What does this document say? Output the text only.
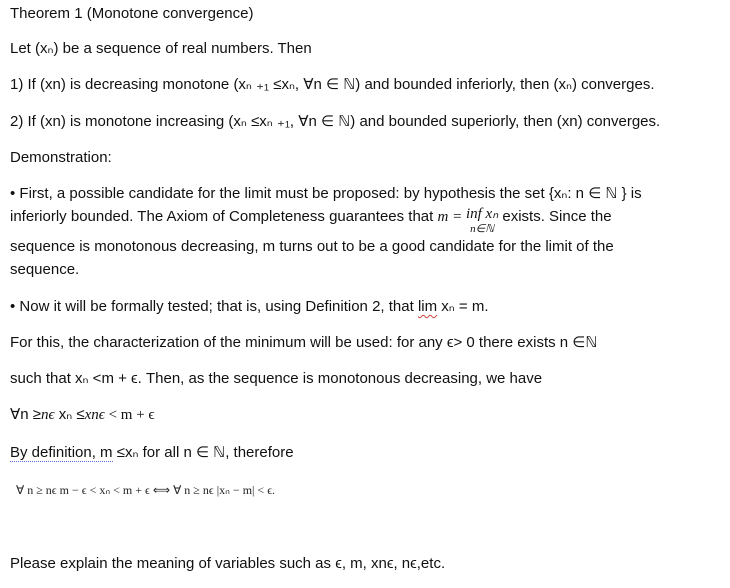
Theorem 1 (Monotone convergence)
Let (xₙ) be a sequence of real numbers. Then
1) If (xn) is decreasing monotone (xₙ ₊₁ ≤xₙ, ∀n ∈ ℕ) and bounded inferiorly, then (xₙ) converges.
2) If (xn) is monotone increasing (xₙ ≤xₙ ₊₁, ∀n ∈ ℕ) and bounded superiorly, then (xn) converges.
Demonstration:
• First, a possible candidate for the limit must be proposed: by hypothesis the set {xₙ: n ∈ ℕ } is
inferiorly bounded. The Axiom of Completeness guarantees that m = inf xₙ
n∈ℕ exists. Since the
sequence is monotonous decreasing, m turns out to be a good candidate for the limit of the
sequence.
• Now it will be formally tested; that is, using Definition 2, that lim xₙ = m.
For this, the characterization of the minimum will be used: for any ϵ> 0 there exists n ∈ℕ
such that xₙ <m + ϵ. Then, as the sequence is monotonous decreasing, we have
∀n ≥nϵ xₙ ≤xnϵ < m + ϵ
By definition, m ≤xₙ for all n ∈ ℕ, therefore
∀ n ≥ nϵ m − ϵ < xₙ < m + ϵ ⟺ ∀ n ≥ nϵ |xₙ − m| < ϵ.
Please explain the meaning of variables such as ϵ, m, xnϵ, nϵ,etc.
